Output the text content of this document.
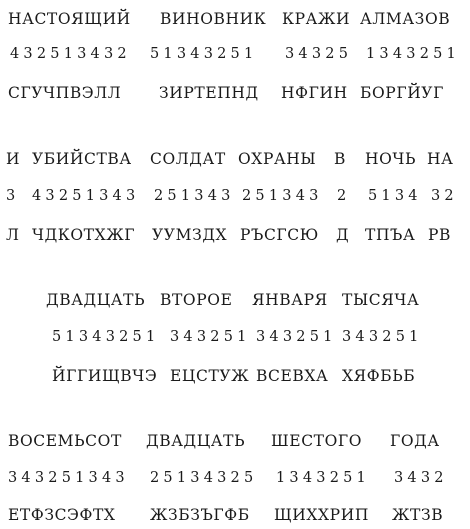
НАСТОЯЩИЙ ВИНОВНИК КРАЖИ АЛМАЗОВ
432513432 51343251 34325 1343251
СГУЧПВЭЛЛ ЗИРТЕПНД НФГИН БОРГЙУГ
И УБИЙСТВА СОЛДАТ ОХРАНЫ В НОЧЬ НА
3 43251343 251343 251343 2 5134 32
Л ЧДКОТХЖГ УУМЗДХ РЪСГСЮ Д ТПЪА РВ
ДВАДЦАТЬ ВТОРОЕ ЯНВАРЯ ТЫСЯЧА
51343251 343251 343251 343251
ЙГГИЩВЧЭ ЕЦСТУЖ ВСЕВХА ХЯФБЬБ
ВОСЕМЬСОТ ДВАДЦАТЬ ШЕСТОГО ГОДА
343251343 25134325 1343251 3432
ЕТФЗСЭФТХ ЖЗБЗЪГФБ ЩИХХРИП ЖТЗВ
